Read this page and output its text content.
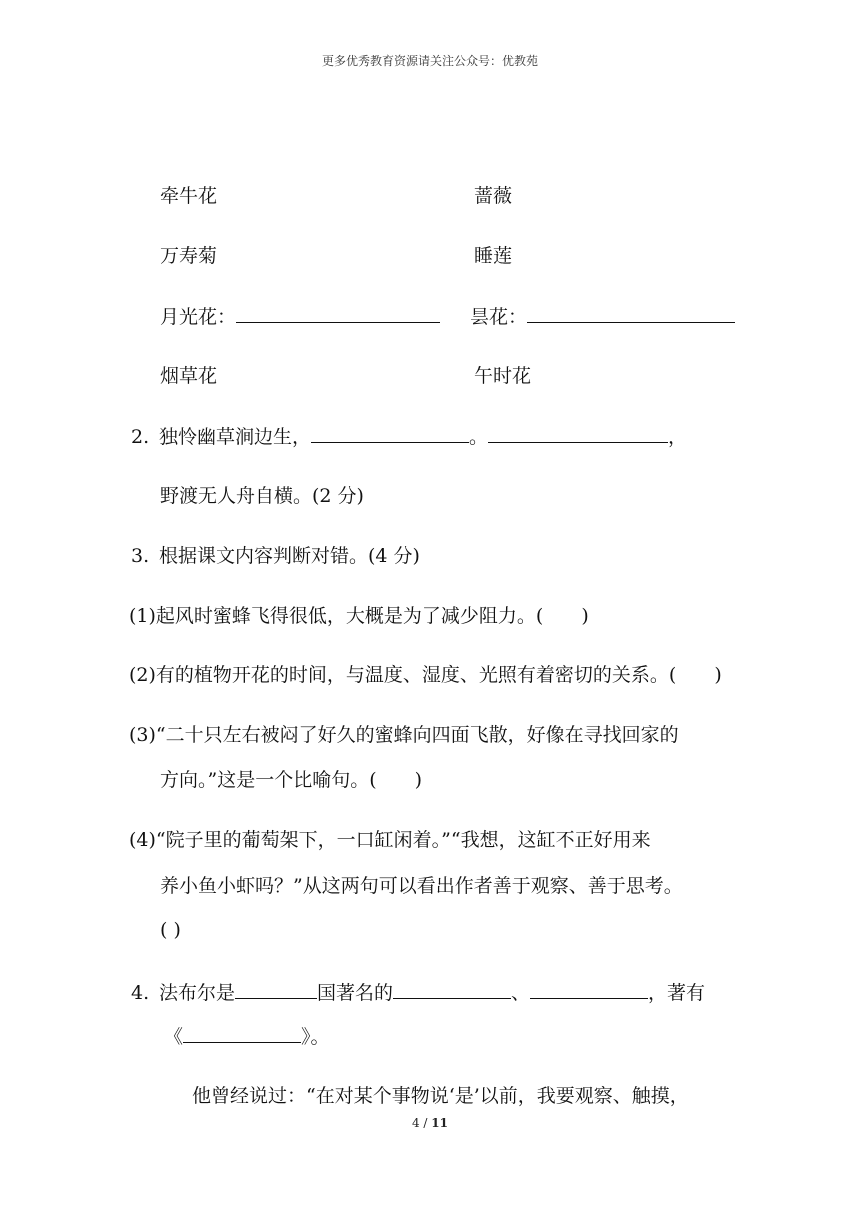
更多优秀教育资源请关注公众号：优教苑
牵牛花	蔷薇
万寿菊	睡莲
月光花：	昙花：
烟草花	午时花
2. 独怜幽草涧边生，	。	，
野渡无人舟自横。(2 分)
3. 根据课文内容判断对错。(4 分)
(1)起风时蜜蜂飞得很低，大概是为了减少阻力。(　　)
(2)有的植物开花的时间，与温度、湿度、光照有着密切的关系。(　　)
(3)“二十只左右被闷了好久的蜜蜂向四面飞散，好像在寻找回家的
方向。”这是一个比喻句。(　　)
(4)“院子里的葡萄架下，一口缸闲着。”“我想，这缸不正好用来
养小鱼小虾吗？”从这两句可以看出作者善于观察、善于思考。
( )
4. 法布尔是	国著名的	、	，著有
《	》。
他曾经说过：“在对某个事物说‘是’以前，我要观察、触摸，
4 / 11
